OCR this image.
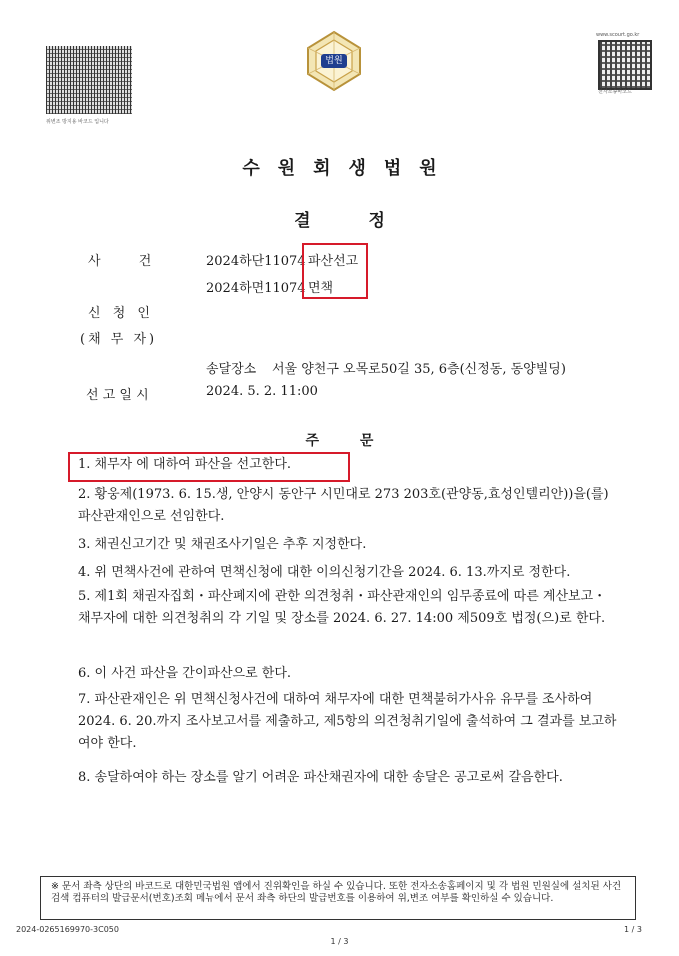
위변조 방지용 바코드 입니다
법원
www.scourt.go.kr
전자소송바코드
수원회생법원
결 정
사 건	2024하단11074
2024하면11074
파산선고
면책
신 청 인
(채 무 자)
송달장소 서울 양천구 오목로50길 35, 6층(신정동, 동양빌딩)
선 고 일 시	2024. 5. 2. 11:00
주 문
1. 채무자 에 대하여 파산을 선고한다.
2. 황웅제(1973. 6. 15.생, 안양시 동안구 시민대로 273 203호(관양동,효성인텔리안))을(를) 파산관재인으로 선임한다.
3. 채권신고기간 및 채권조사기일은 추후 지정한다.
4. 위 면책사건에 관하여 면책신청에 대한 이의신청기간을 2024. 6. 13.까지로 정한다.
5. 제1회 채권자집회・파산폐지에 관한 의견청취・파산관재인의 임무종료에 따른 계산보고・채무자에 대한 의견청취의 각 기일 및 장소를 2024. 6. 27. 14:00 제509호 법정(으)로 한다.
6. 이 사건 파산을 간이파산으로 한다.
7. 파산관재인은 위 면책신청사건에 대하여 채무자에 대한 면책불허가사유 유무를 조사하여 2024. 6. 20.까지 조사보고서를 제출하고, 제5항의 의견청취기일에 출석하여 그 결과를 보고하여야 한다.
8. 송달하여야 하는 장소를 알기 어려운 파산채권자에 대한 송달은 공고로써 갈음한다.
※ 문서 좌측 상단의 바코드로 대한민국법원 앱에서 진위확인을 하실 수 있습니다. 또한 전자소송홈페이지 및 각 법원 민원실에 설치된 사건검색 컴퓨터의 발급문서(번호)조회 메뉴에서 문서 좌측 하단의 발급번호를 이용하여 위,변조 여부를 확인하실 수 있습니다.
2024-0265169970-3C050
1 / 3
1 / 3
